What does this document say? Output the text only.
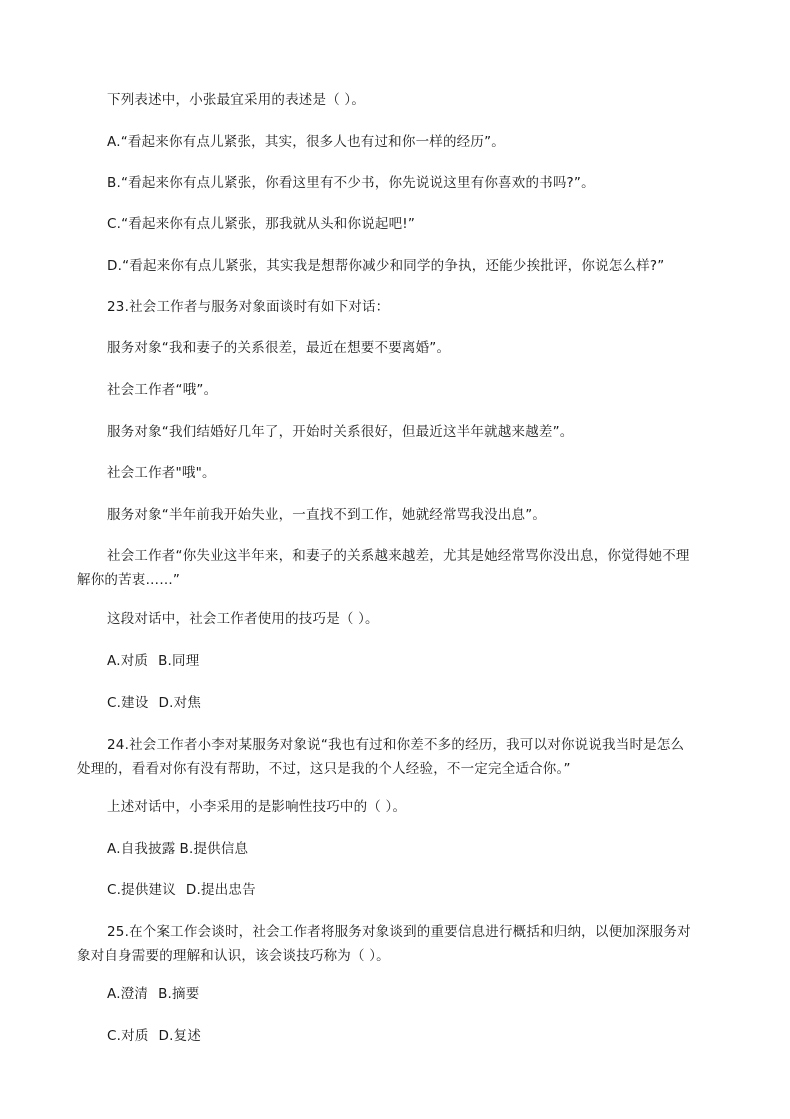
下列表述中，小张最宜采用的表述是（ ）。
A.“看起来你有点儿紧张，其实，很多人也有过和你一样的经历”。
B.“看起来你有点儿紧张，你看这里有不少书，你先说说这里有你喜欢的书吗?”。
C.“看起来你有点儿紧张，那我就从头和你说起吧!”
D.“看起来你有点儿紧张，其实我是想帮你减少和同学的争执，还能少挨批评，你说怎么样?”
23.社会工作者与服务对象面谈时有如下对话：
服务对象“我和妻子的关系很差，最近在想要不要离婚”。
社会工作者“哦”。
服务对象“我们结婚好几年了，开始时关系很好，但最近这半年就越来越差”。
社会工作者"哦"。
服务对象“半年前我开始失业，一直找不到工作，她就经常骂我没出息”。
社会工作者“你失业这半年来，和妻子的关系越来越差，尤其是她经常骂你没出息，你觉得她不理解你的苦衷……”
这段对话中，社会工作者使用的技巧是（ ）。
A.对质 B.同理
C.建设 D.对焦
24.社会工作者小李对某服务对象说“我也有过和你差不多的经历，我可以对你说说我当时是怎么处理的，看看对你有没有帮助，不过，这只是我的个人经验，不一定完全适合你。”
上述对话中，小李采用的是影响性技巧中的（ ）。
A.自我披露 B.提供信息
C.提供建议 D.提出忠告
25.在个案工作会谈时，社会工作者将服务对象谈到的重要信息进行概括和归纳，以便加深服务对象对自身需要的理解和认识，该会谈技巧称为（ ）。
A.澄清 B.摘要
C.对质 D.复述
